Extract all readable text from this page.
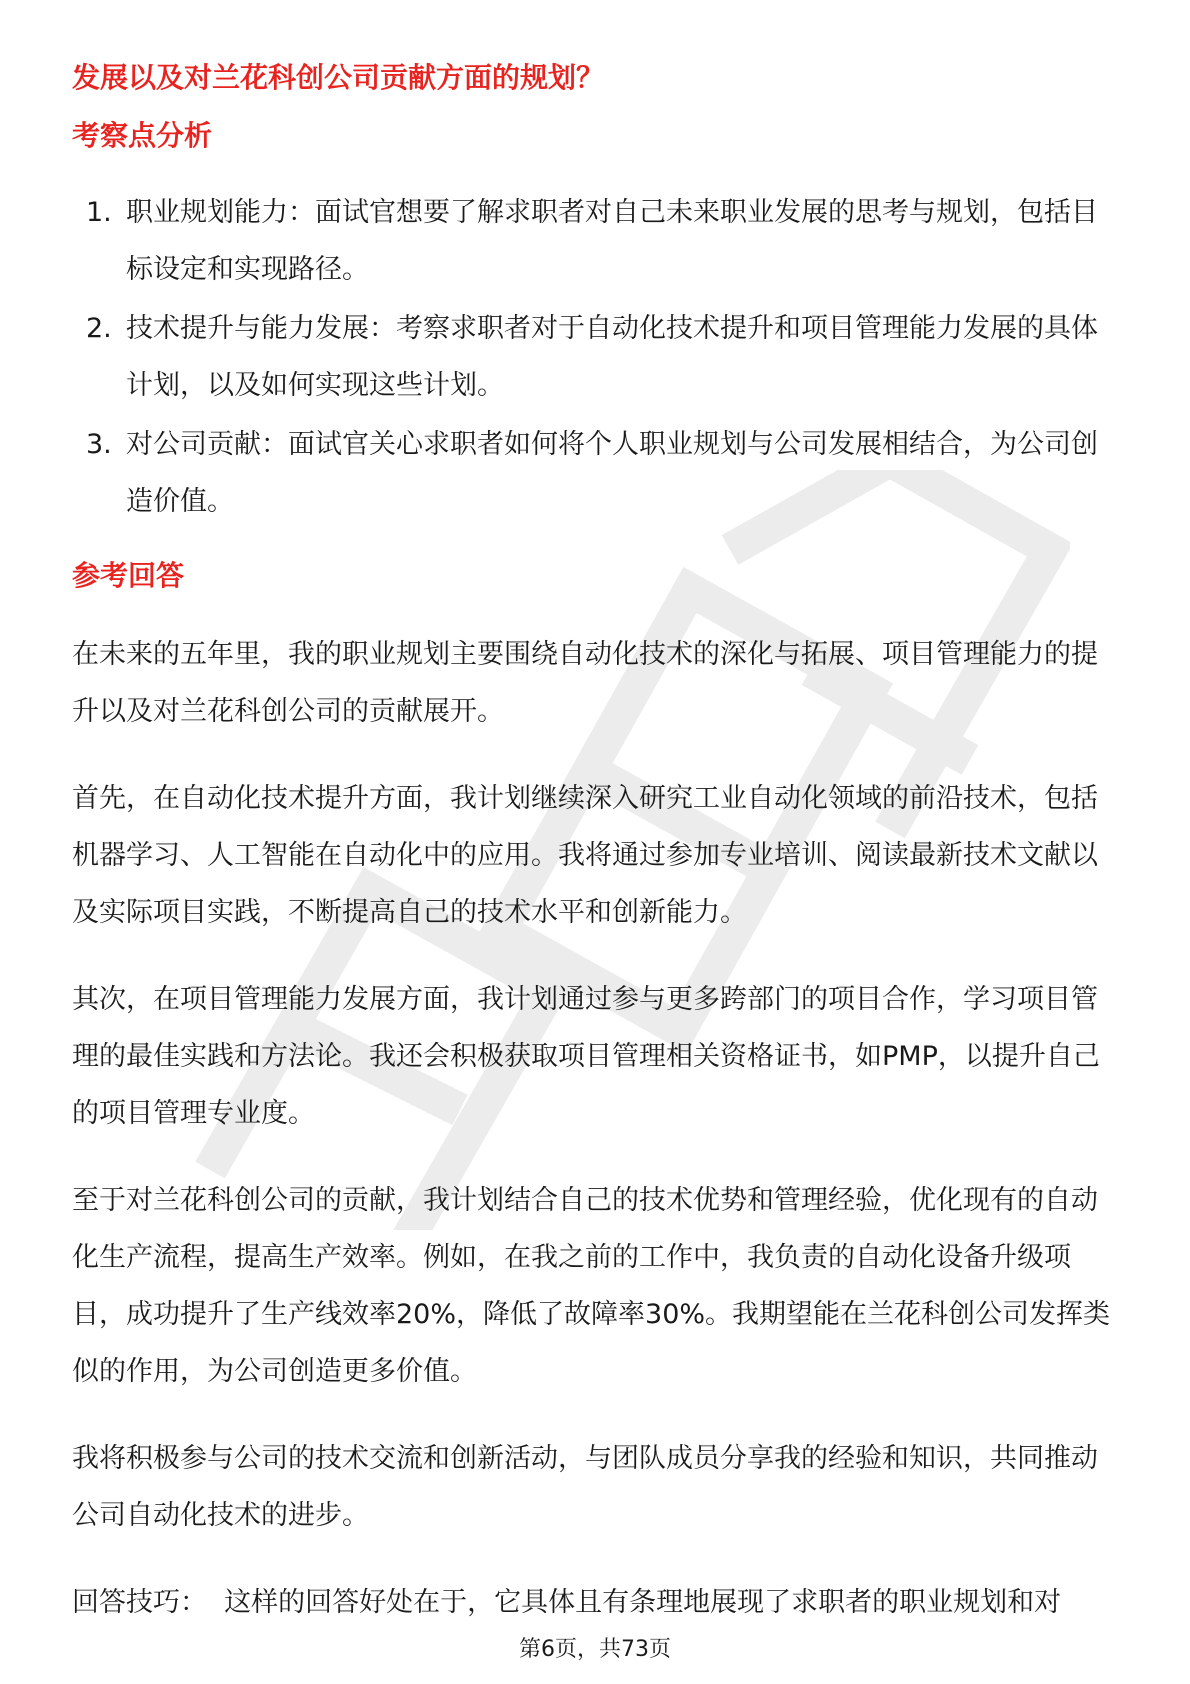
发展以及对兰花科创公司贡献方面的规划？
考察点分析
1. 职业规划能力：面试官想要了解求职者对自己未来职业发展的思考与规划，包括目标设定和实现路径。
2. 技术提升与能力发展：考察求职者对于自动化技术提升和项目管理能力发展的具体计划，以及如何实现这些计划。
3. 对公司贡献：面试官关心求职者如何将个人职业规划与公司发展相结合，为公司创造价值。
参考回答

在未来的五年里，我的职业规划主要围绕自动化技术的深化与拓展、项目管理能力的提升以及对兰花科创公司的贡献展开。

首先，在自动化技术提升方面，我计划继续深入研究工业自动化领域的前沿技术，包括机器学习、人工智能在自动化中的应用。我将通过参加专业培训、阅读最新技术文献以及实际项目实践，不断提高自己的技术水平和创新能力。

其次，在项目管理能力发展方面，我计划通过参与更多跨部门的项目合作，学习项目管理的最佳实践和方法论。我还会积极获取项目管理相关资格证书，如PMP，以提升自己的项目管理专业度。

至于对兰花科创公司的贡献，我计划结合自己的技术优势和管理经验，优化现有的自动化生产流程，提高生产效率。例如，在我之前的工作中，我负责的自动化设备升级项目，成功提升了生产线效率20%，降低了故障率30%。我期望能在兰花科创公司发挥类似的作用，为公司创造更多价值。

我将积极参与公司的技术交流和创新活动，与团队成员分享我的经验和知识，共同推动公司自动化技术的进步。

回答技巧：  这样的回答好处在于，它具体且有条理地展现了求职者的职业规划和对

第6页，共73页
